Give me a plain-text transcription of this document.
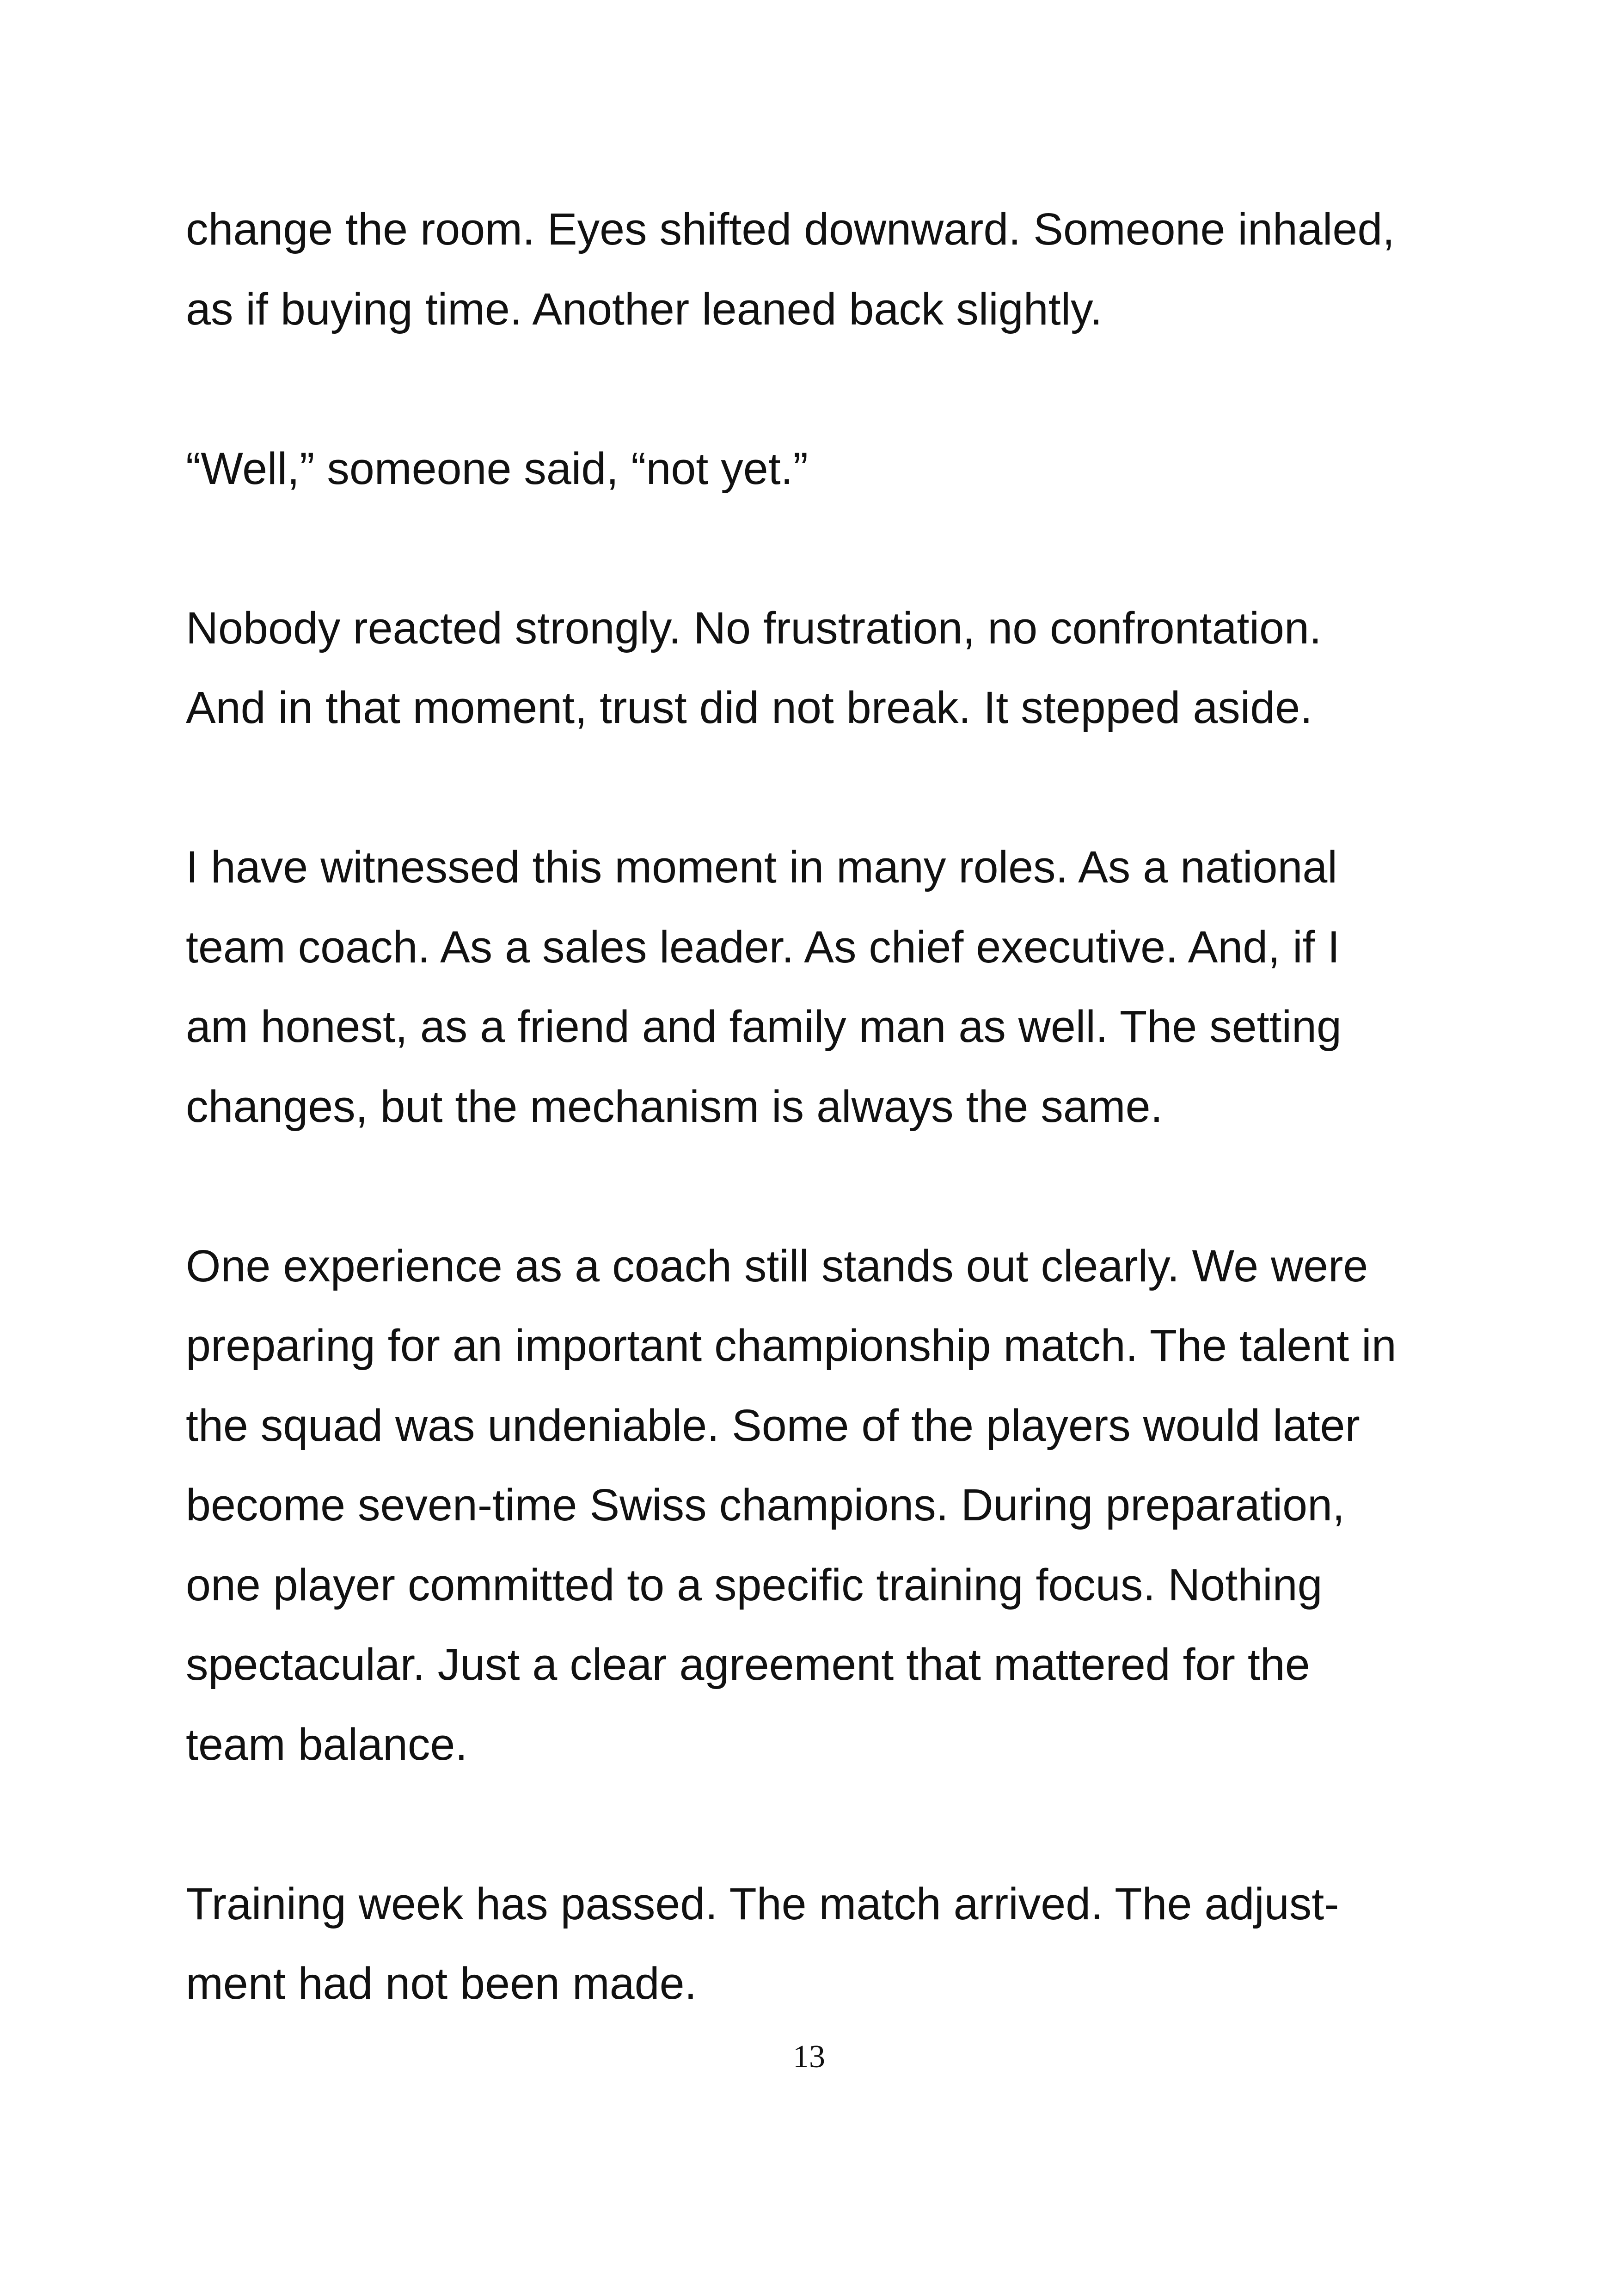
change the room. Eyes shifted downward. Someone inhaled,
as if buying time. Another leaned back slightly.

“Well,” someone said, “not yet.”

Nobody reacted strongly. No frustration, no confrontation.
And in that moment, trust did not break. It stepped aside.

I have witnessed this moment in many roles. As a national
team coach. As a sales leader. As chief executive. And, if I
am honest, as a friend and family man as well. The setting
changes, but the mechanism is always the same.

One experience as a coach still stands out clearly. We were
preparing for an important championship match. The talent in
the squad was undeniable. Some of the players would later
become seven-time Swiss champions. During preparation,
one player committed to a specific training focus. Nothing
spectacular. Just a clear agreement that mattered for the
team balance.

Training week has passed. The match arrived. The adjust-
ment had not been made.

13
